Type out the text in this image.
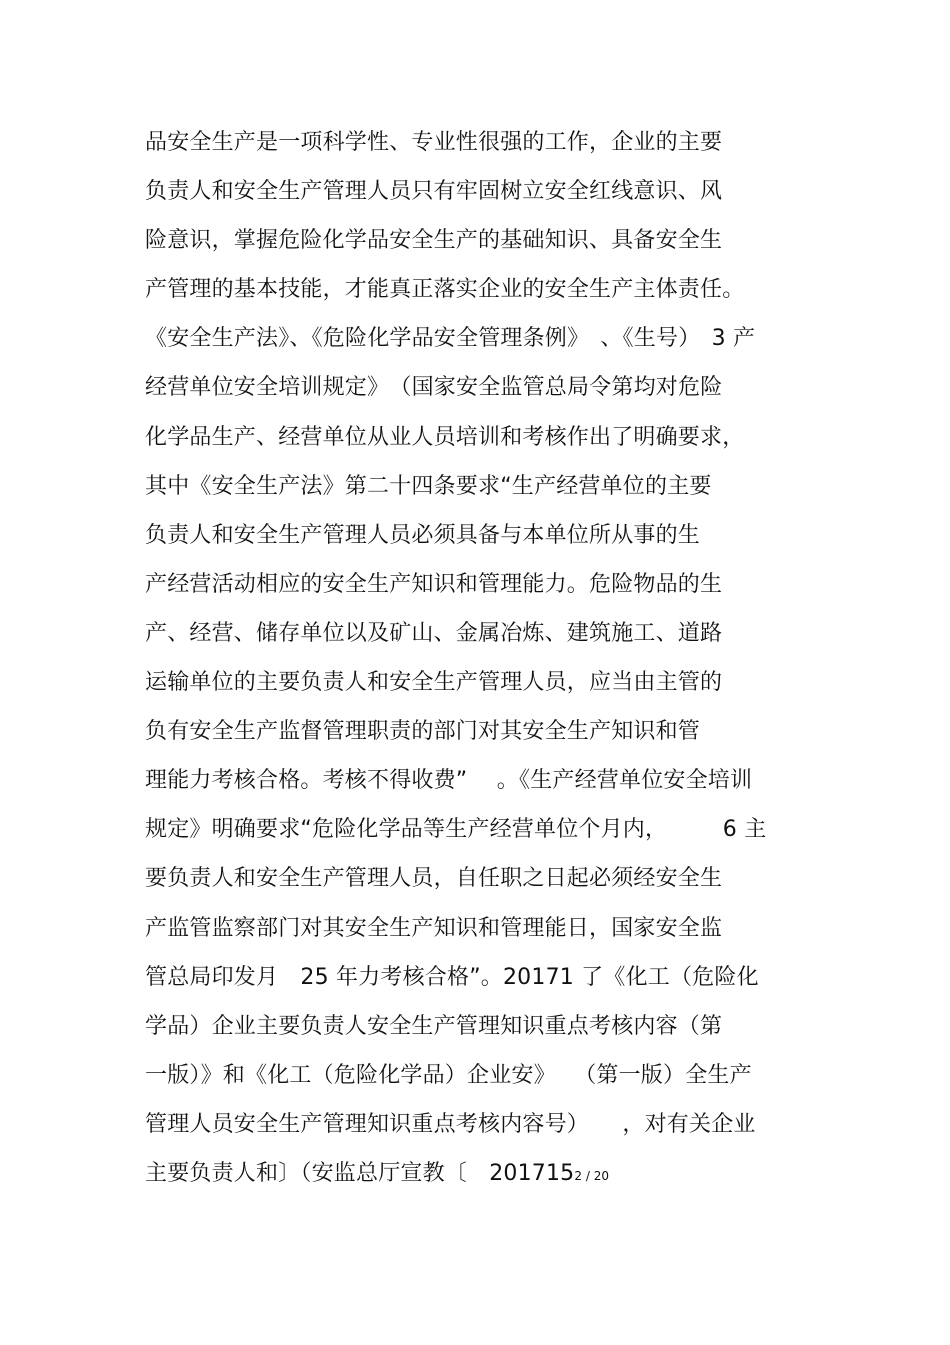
品安全生产是一项科学性、专业性很强的工作，企业的主要
负责人和安全生产管理人员只有牢固树立安全红线意识、风
险意识，掌握危险化学品安全生产的基础知识、具备安全生
产管理的基本技能，才能真正落实企业的安全生产主体责任。
《安全生产法》、《危险化学品安全管理条例》　、《生号）　3 产
经营单位安全培训规定》　（国家安全监管总局令第均对危险
化学品生产、经营单位从业人员培训和考核作出了明确要求，
其中《安全生产法》第二十四条要求“生产经营单位的主要
负责人和安全生产管理人员必须具备与本单位所从事的生
产经营活动相应的安全生产知识和管理能力。危险物品的生
产、经营、储存单位以及矿山、金属冶炼、建筑施工、道路
运输单位的主要负责人和安全生产管理人员，应当由主管的
负有安全生产监督管理职责的部门对其安全生产知识和管
理能力考核合格。考核不得收费”　 。《生产经营单位安全培训
规定》明确要求“危险化学品等生产经营单位个月内，　　　6 主
要负责人和安全生产管理人员，自任职之日起必须经安全生
产监管监察部门对其安全生产知识和管理能日，国家安全监
管总局印发月　25 年力考核合格”。20171 了《化工（危险化
学品）企业主要负责人安全生产管理知识重点考核内容（第
一版）》和《化工（危险化学品）企业安》　 （第一版）全生产
管理人员安全生产管理知识重点考核内容号）　　，对有关企业
主要负责人和〕（安监总厅宣教〔　2017152 / 20
